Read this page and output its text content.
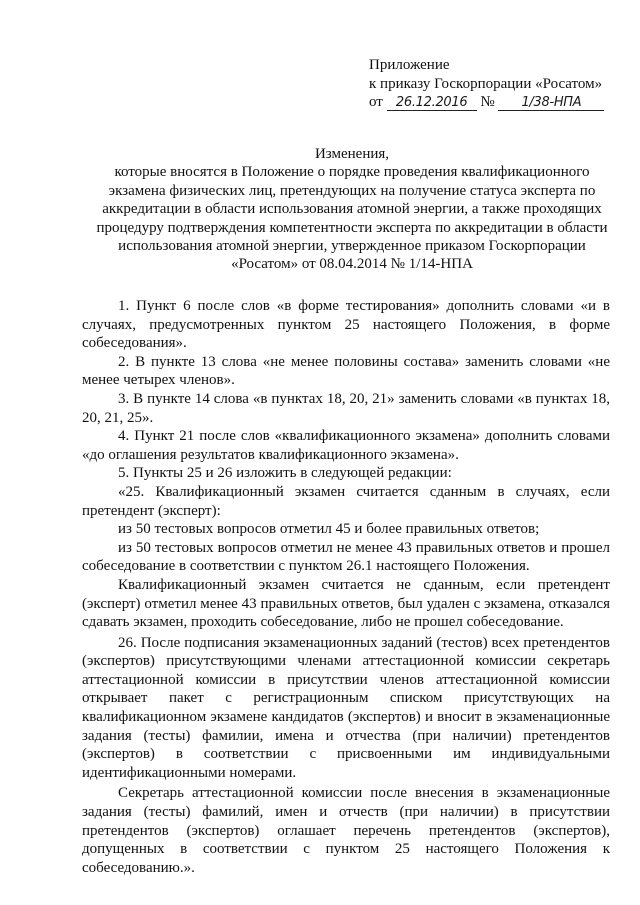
Приложение
к приказу Госкорпорации «Росатом»
от 26.12.2016 № 1/38-НПА
Изменения,
которые вносятся в Положение о порядке проведения квалификационного
экзамена физических лиц, претендующих на получение статуса эксперта по
аккредитации в области использования атомной энергии, а также проходящих
процедуру подтверждения компетентности эксперта по аккредитации в области
использования атомной энергии, утвержденное приказом Госкорпорации
«Росатом» от 08.04.2014 № 1/14-НПА

1. Пункт 6 после слов «в форме тестирования» дополнить словами «и в случаях, предусмотренных пунктом 25 настоящего Положения, в форме собеседования».

2. В пункте 13 слова «не менее половины состава» заменить словами «не менее четырех членов».

3. В пункте 14 слова «в пунктах 18, 20, 21» заменить словами «в пунктах 18, 20, 21, 25».

4. Пункт 21 после слов «квалификационного экзамена» дополнить словами «до оглашения результатов квалификационного экзамена».

5. Пункты 25 и 26 изложить в следующей редакции:

«25. Квалификационный экзамен считается сданным в случаях, если претендент (эксперт):

из 50 тестовых вопросов отметил 45 и более правильных ответов;

из 50 тестовых вопросов отметил не менее 43 правильных ответов и прошел собеседование в соответствии с пунктом 26.1 настоящего Положения.

Квалификационный экзамен считается не сданным, если претендент (эксперт) отметил менее 43 правильных ответов, был удален с экзамена, отказался сдавать экзамен, проходить собеседование, либо не прошел собеседование.

26. После подписания экзаменационных заданий (тестов) всех претендентов (экспертов) присутствующими членами аттестационной комиссии секретарь аттестационной комиссии в присутствии членов аттестационной комиссии открывает пакет с регистрационным списком присутствующих на квалификационном экзамене кандидатов (экспертов) и вносит в экзаменационные задания (тесты) фамилии, имена и отчества (при наличии) претендентов (экспертов) в соответствии с присвоенными им индивидуальными идентификационными номерами.

Секретарь аттестационной комиссии после внесения в экзаменационные задания (тесты) фамилий, имен и отчеств (при наличии) в присутствии претендентов (экспертов) оглашает перечень претендентов (экспертов), допущенных в соответствии с пунктом 25 настоящего Положения к собеседованию.».
